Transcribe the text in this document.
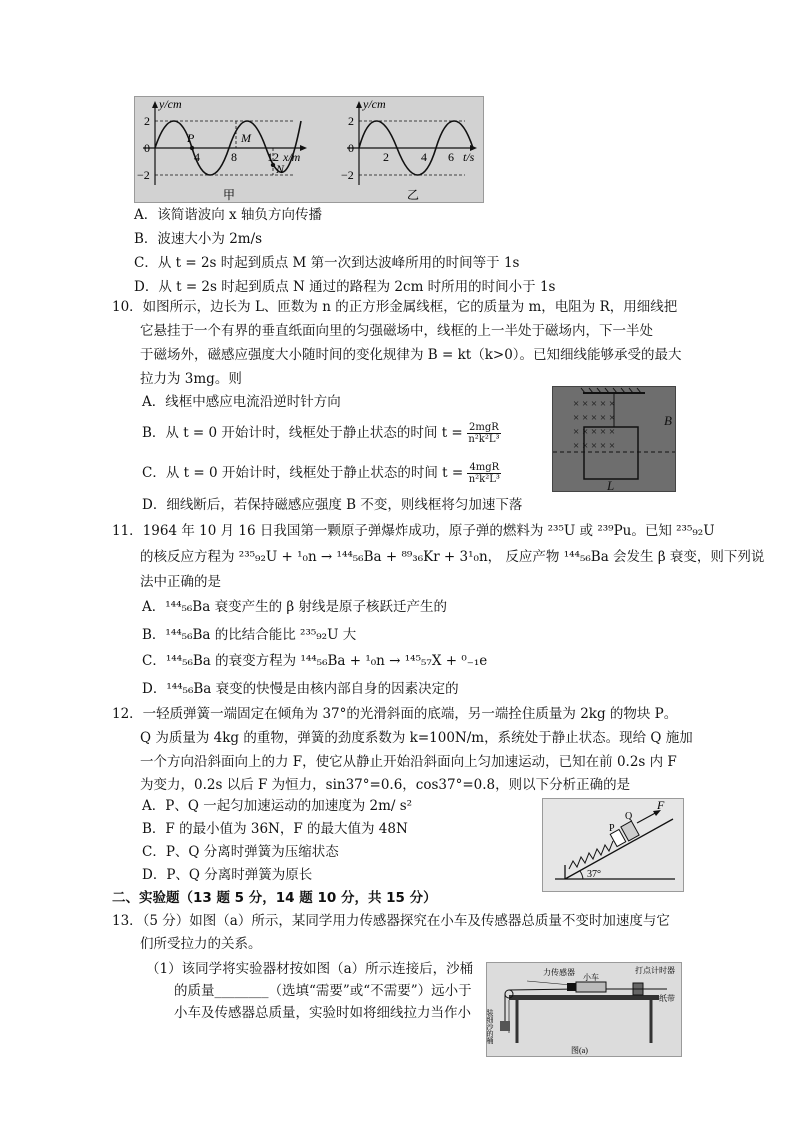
y/cm
x/m
2
0
−2
4	8	12
P	M
N
甲
y/cm
t/s
2
0
−2
2	4 6
乙
A．该简谐波向 x 轴负方向传播
B．波速大小为 2m/s
C．从 t = 2s 时起到质点 M 第一次到达波峰所用的时间等于 1s
D．从 t = 2s 时起到质点 N 通过的路程为 2cm 时所用的时间小于 1s
10．如图所示，边长为 L、匝数为 n 的正方形金属线框，它的质量为 m，电阻为 R，用细线把
它悬挂于一个有界的垂直纸面向里的匀强磁场中，线框的上一半处于磁场内，下一半处
于磁场外，磁感应强度大小随时间的变化规律为 B = kt（k>0）。已知细线能够承受的最大
拉力为 3mg。则
A．线框中感应电流沿逆时针方向
B．从 t = 0 开始计时，线框处于静止状态的时间 $t = \frac{\text{2mgR}}{\text{n²k²L³}}$
C．从 t = 0 开始计时，线框处于静止状态的时间 $t = \frac{\text{4mgR}}{\text{n²k²L³}}$
D．细线断后，若保持磁感应强度 B 不变，则线框将匀加速下落
× × × × ×
× × × × ×
× × × × ×
× × × × ×
B
L
11．1964 年 10 月 16 日我国第一颗原子弹爆炸成功，原子弹的燃料为 ²³⁵U 或 ²³⁹Pu。已知 ²³⁵₉₂U
的核反应方程为 ²³⁵₉₂U + ¹₀n → ¹⁴⁴₅₆Ba + ⁸⁹₃₆Kr + 3¹₀n， 反应产物 ¹⁴⁴₅₆Ba 会发生 β 衰变，则下列说
法中正确的是
A．¹⁴⁴₅₆Ba 衰变产生的 β 射线是原子核跃迁产生的
B．¹⁴⁴₅₆Ba 的比结合能比 ²³⁵₉₂U 大
C．¹⁴⁴₅₆Ba 的衰变方程为 ¹⁴⁴₅₆Ba + ¹₀n → ¹⁴⁵₅₇X + ⁰₋₁e
D．¹⁴⁴₅₆Ba 衰变的快慢是由核内部自身的因素决定的
12．一轻质弹簧一端固定在倾角为 37°的光滑斜面的底端，另一端拴住质量为 2kg 的物块 P。
Q 为质量为 4kg 的重物，弹簧的劲度系数为 k=100N/m，系统处于静止状态。现给 Q 施加
一个方向沿斜面向上的力 F，使它从静止开始沿斜面向上匀加速运动，已知在前 0.2s 内 F
为变力，0.2s 以后 F 为恒力，sin37°=0.6，cos37°=0.8，则以下分析正确的是
A．P、Q 一起匀加速运动的加速度为 2m/ s²
B．F 的最小值为 36N，F 的最大值为 48N
C．P、Q 分离时弹簧为压缩状态
D．P、Q 分离时弹簧为原长
F
P
Q
37°
二、实验题（13 题 5 分，14 题 10 分，共 15 分）
13．（5 分）如图（a）所示，某同学用力传感器探究在小车及传感器总质量不变时加速度与它
们所受拉力的关系。
（1）该同学将实验器材按如图（a）所示连接后，沙桶
的质量________（选填“需要”或“不需要”）远小于
小车及传感器总质量，实验时如将细线拉力当作小
力传感器
小车
打点计时器
纸带
装细沙的桶
图(a)
